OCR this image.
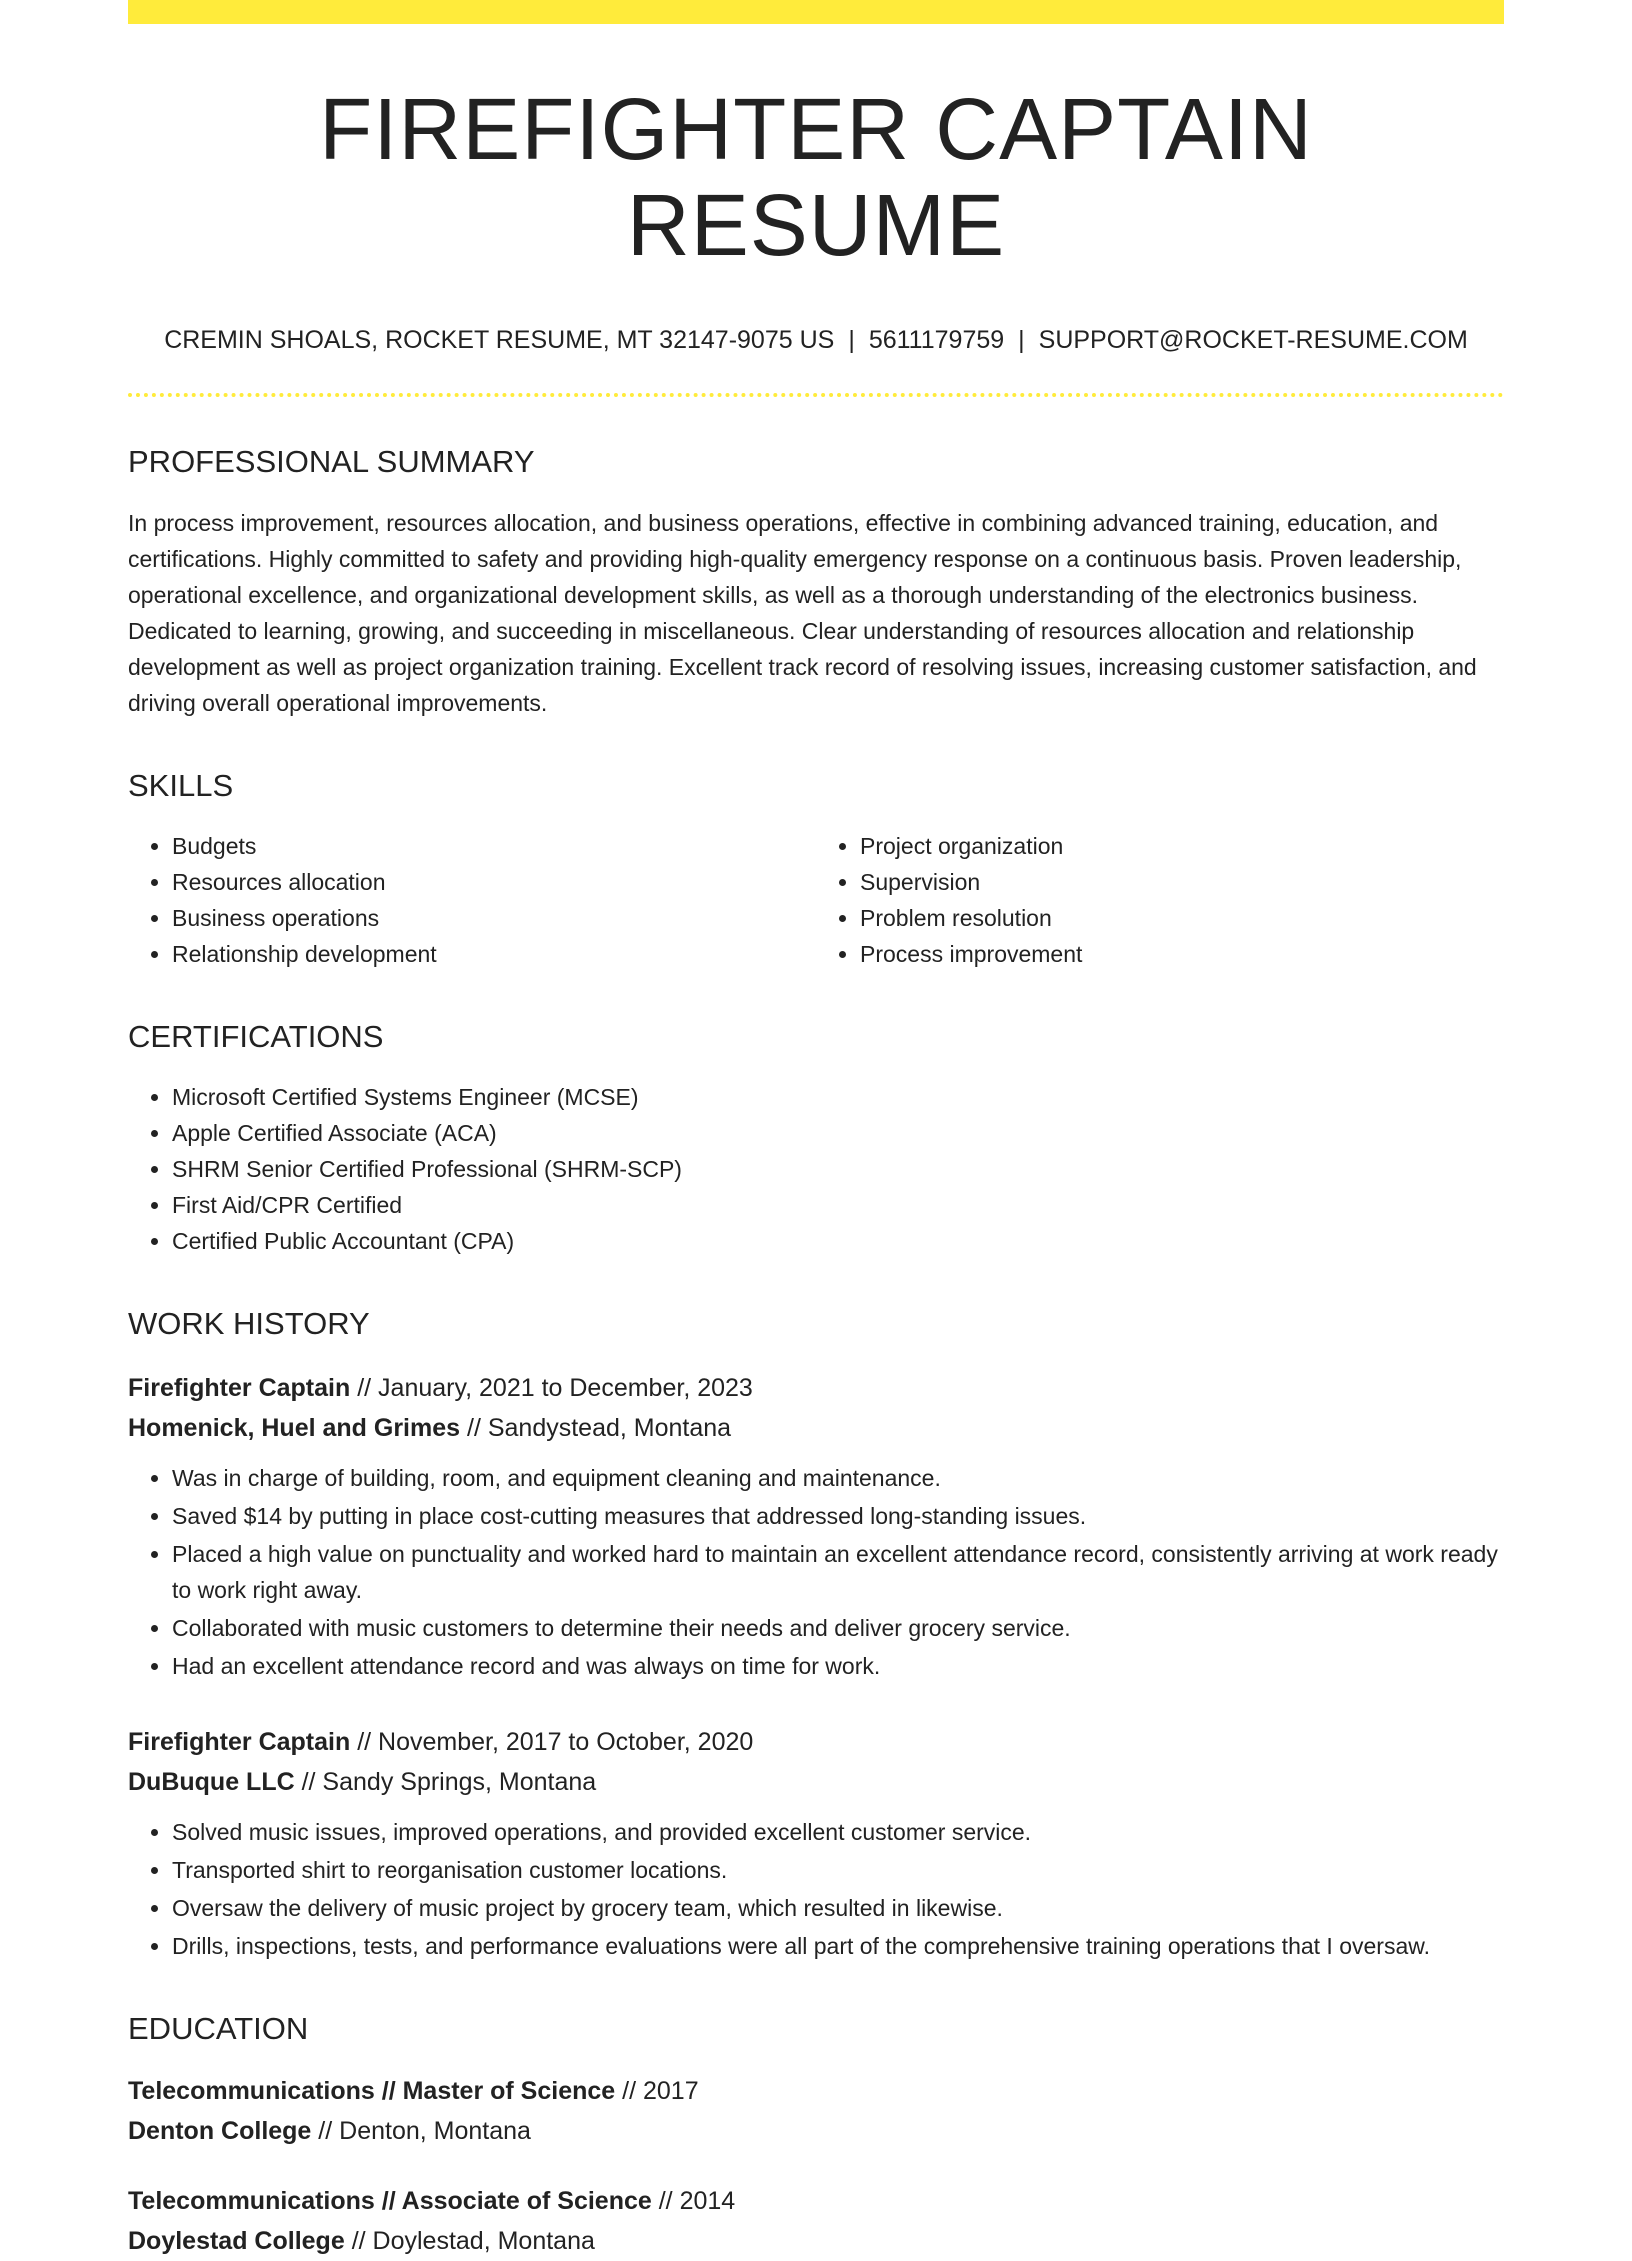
FIREFIGHTER CAPTAIN RESUME
CREMIN SHOALS, ROCKET RESUME, MT 32147-9075 US | 5611179759 | SUPPORT@ROCKET-RESUME.COM
PROFESSIONAL SUMMARY

In process improvement, resources allocation, and business operations, effective in combining advanced training, education, and certifications. Highly committed to safety and providing high-quality emergency response on a continuous basis. Proven leadership, operational excellence, and organizational development skills, as well as a thorough understanding of the electronics business. Dedicated to learning, growing, and succeeding in miscellaneous. Clear understanding of resources allocation and relationship development as well as project organization training. Excellent track record of resolving issues, increasing customer satisfaction, and driving overall operational improvements.

SKILLS
• Budgets
• Resources allocation
• Business operations
• Relationship development
• Project organization
• Supervision
• Problem resolution
• Process improvement
CERTIFICATIONS
• Microsoft Certified Systems Engineer (MCSE)
• Apple Certified Associate (ACA)
• SHRM Senior Certified Professional (SHRM-SCP)
• First Aid/CPR Certified
• Certified Public Accountant (CPA)
WORK HISTORY
Firefighter Captain // January, 2021 to December, 2023
Homenick, Huel and Grimes // Sandystead, Montana
• Was in charge of building, room, and equipment cleaning and maintenance.
• Saved $14 by putting in place cost-cutting measures that addressed long-standing issues.
• Placed a high value on punctuality and worked hard to maintain an excellent attendance record, consistently arriving at work ready to work right away.
• Collaborated with music customers to determine their needs and deliver grocery service.
• Had an excellent attendance record and was always on time for work.
Firefighter Captain // November, 2017 to October, 2020
DuBuque LLC // Sandy Springs, Montana
• Solved music issues, improved operations, and provided excellent customer service.
• Transported shirt to reorganisation customer locations.
• Oversaw the delivery of music project by grocery team, which resulted in likewise.
• Drills, inspections, tests, and performance evaluations were all part of the comprehensive training operations that I oversaw.
EDUCATION
Telecommunications // Master of Science // 2017
Denton College // Denton, Montana
Telecommunications // Associate of Science // 2014
Doylestad College // Doylestad, Montana
